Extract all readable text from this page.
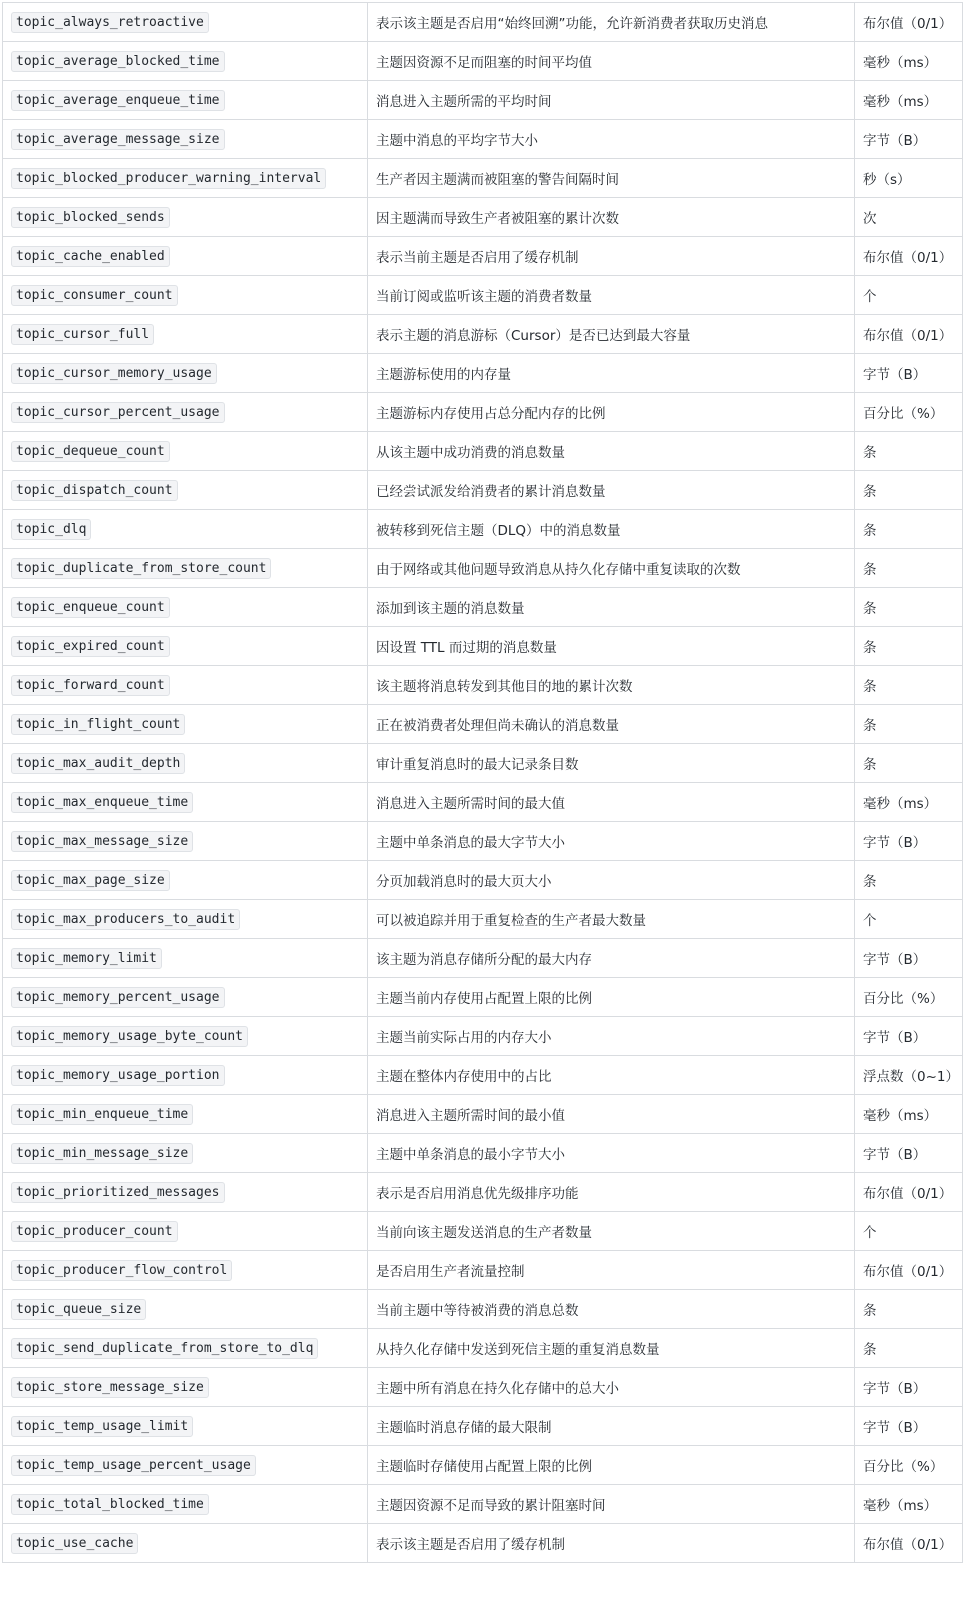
topic_always_retroactive	表示该主题是否启用“始终回溯”功能，允许新消费者获取历史消息	布尔值（0/1）
topic_average_blocked_time	主题因资源不足而阻塞的时间平均值	毫秒（ms）
topic_average_enqueue_time	消息进入主题所需的平均时间	毫秒（ms）
topic_average_message_size	主题中消息的平均字节大小	字节（B）
topic_blocked_producer_warning_interval	生产者因主题满而被阻塞的警告间隔时间	秒（s）
topic_blocked_sends	因主题满而导致生产者被阻塞的累计次数	次
topic_cache_enabled	表示当前主题是否启用了缓存机制	布尔值（0/1）
topic_consumer_count	当前订阅或监听该主题的消费者数量	个
topic_cursor_full	表示主题的消息游标（Cursor）是否已达到最大容量	布尔值（0/1）
topic_cursor_memory_usage	主题游标使用的内存量	字节（B）
topic_cursor_percent_usage	主题游标内存使用占总分配内存的比例	百分比（%）
topic_dequeue_count	从该主题中成功消费的消息数量	条
topic_dispatch_count	已经尝试派发给消费者的累计消息数量	条
topic_dlq	被转移到死信主题（DLQ）中的消息数量	条
topic_duplicate_from_store_count	由于网络或其他问题导致消息从持久化存储中重复读取的次数	条
topic_enqueue_count	添加到该主题的消息数量	条
topic_expired_count	因设置 TTL 而过期的消息数量	条
topic_forward_count	该主题将消息转发到其他目的地的累计次数	条
topic_in_flight_count	正在被消费者处理但尚未确认的消息数量	条
topic_max_audit_depth	审计重复消息时的最大记录条目数	条
topic_max_enqueue_time	消息进入主题所需时间的最大值	毫秒（ms）
topic_max_message_size	主题中单条消息的最大字节大小	字节（B）
topic_max_page_size	分页加载消息时的最大页大小	条
topic_max_producers_to_audit	可以被追踪并用于重复检查的生产者最大数量	个
topic_memory_limit	该主题为消息存储所分配的最大内存	字节（B）
topic_memory_percent_usage	主题当前内存使用占配置上限的比例	百分比（%）
topic_memory_usage_byte_count	主题当前实际占用的内存大小	字节（B）
topic_memory_usage_portion	主题在整体内存使用中的占比	浮点数（0~1）
topic_min_enqueue_time	消息进入主题所需时间的最小值	毫秒（ms）
topic_min_message_size	主题中单条消息的最小字节大小	字节（B）
topic_prioritized_messages	表示是否启用消息优先级排序功能	布尔值（0/1）
topic_producer_count	当前向该主题发送消息的生产者数量	个
topic_producer_flow_control	是否启用生产者流量控制	布尔值（0/1）
topic_queue_size	当前主题中等待被消费的消息总数	条
topic_send_duplicate_from_store_to_dlq	从持久化存储中发送到死信主题的重复消息数量	条
topic_store_message_size	主题中所有消息在持久化存储中的总大小	字节（B）
topic_temp_usage_limit	主题临时消息存储的最大限制	字节（B）
topic_temp_usage_percent_usage	主题临时存储使用占配置上限的比例	百分比（%）
topic_total_blocked_time	主题因资源不足而导致的累计阻塞时间	毫秒（ms）
topic_use_cache	表示该主题是否启用了缓存机制	布尔值（0/1）
